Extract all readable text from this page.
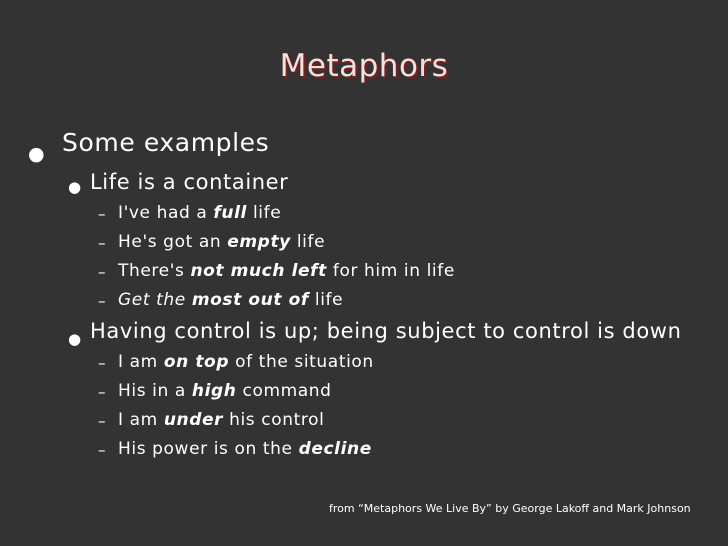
Metaphors
● Some examples
● Life is a container
– I've had a full life
– He's got an empty life
– There's not much left for him in life
– Get the most out of life
● Having control is up; being subject to control is down
– I am on top of the situation
– His in a high command
– I am under his control
– His power is on the decline
from “Metaphors We Live By” by George Lakoff and Mark Johnson
